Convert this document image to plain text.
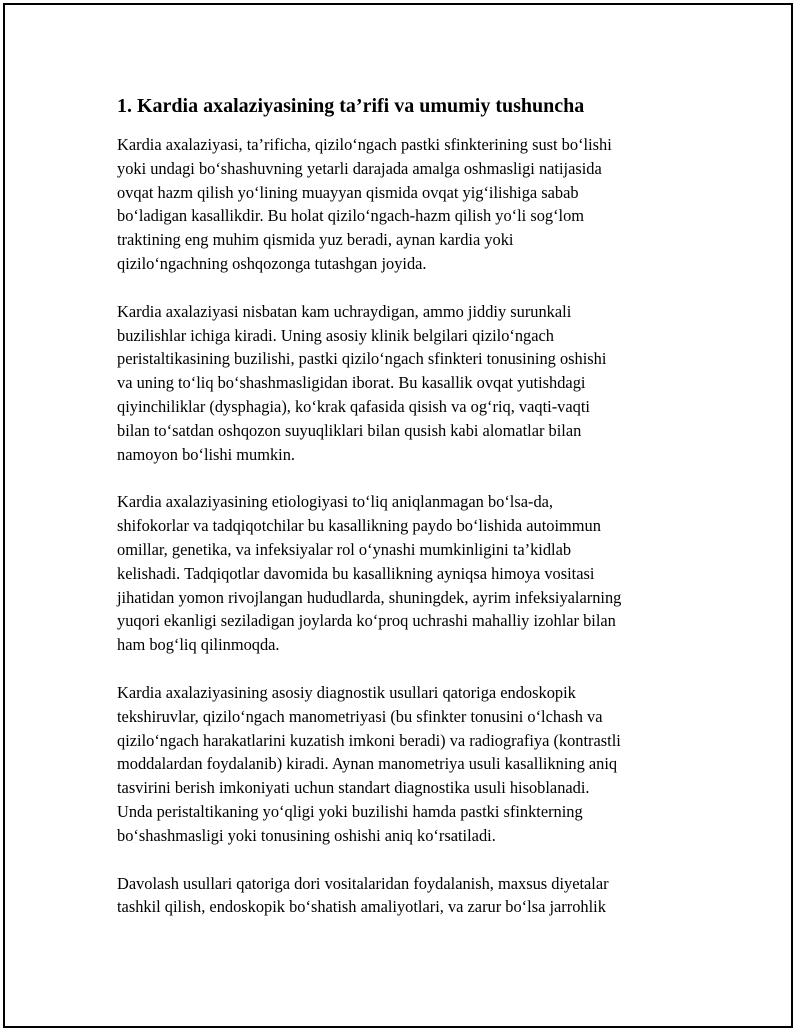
1. Kardia axalaziyasining ta’rifi va umumiy tushuncha

Kardia axalaziyasi, ta’rificha, qizilo‘ngach pastki sfinkterining sust bo‘lishi
yoki undagi bo‘shashuvning yetarli darajada amalga oshmasligi natijasida
ovqat hazm qilish yo‘lining muayyan qismida ovqat yig‘ilishiga sabab
bo‘ladigan kasallikdir. Bu holat qizilo‘ngach-hazm qilish yo‘li sog‘lom
traktining eng muhim qismida yuz beradi, aynan kardia yoki
qizilo‘ngachning oshqozonga tutashgan joyida.

Kardia axalaziyasi nisbatan kam uchraydigan, ammo jiddiy surunkali
buzilishlar ichiga kiradi. Uning asosiy klinik belgilari qizilo‘ngach
peristaltikasining buzilishi, pastki qizilo‘ngach sfinkteri tonusining oshishi
va uning to‘liq bo‘shashmasligidan iborat. Bu kasallik ovqat yutishdagi
qiyinchiliklar (dysphagia), ko‘krak qafasida qisish va og‘riq, vaqti-vaqti
bilan to‘satdan oshqozon suyuqliklari bilan qusish kabi alomatlar bilan
namoyon bo‘lishi mumkin.

Kardia axalaziyasining etiologiyasi to‘liq aniqlanmagan bo‘lsa-da,
shifokorlar va tadqiqotchilar bu kasallikning paydo bo‘lishida autoimmun
omillar, genetika, va infeksiyalar rol o‘ynashi mumkinligini ta’kidlab
kelishadi. Tadqiqotlar davomida bu kasallikning ayniqsa himoya vositasi
jihatidan yomon rivojlangan hududlarda, shuningdek, ayrim infeksiyalarning
yuqori ekanligi seziladigan joylarda ko‘proq uchrashi mahalliy izohlar bilan
ham bog‘liq qilinmoqda.

Kardia axalaziyasining asosiy diagnostik usullari qatoriga endoskopik
tekshiruvlar, qizilo‘ngach manometriyasi (bu sfinkter tonusini o‘lchash va
qizilo‘ngach harakatlarini kuzatish imkoni beradi) va radiografiya (kontrastli
moddalardan foydalanib) kiradi. Aynan manometriya usuli kasallikning aniq
tasvirini berish imkoniyati uchun standart diagnostika usuli hisoblanadi.
Unda peristaltikaning yo‘qligi yoki buzilishi hamda pastki sfinkterning
bo‘shashmasligi yoki tonusining oshishi aniq ko‘rsatiladi.

Davolash usullari qatoriga dori vositalaridan foydalanish, maxsus diyetalar
tashkil qilish, endoskopik bo‘shatish amaliyotlari, va zarur bo‘lsa jarrohlik
